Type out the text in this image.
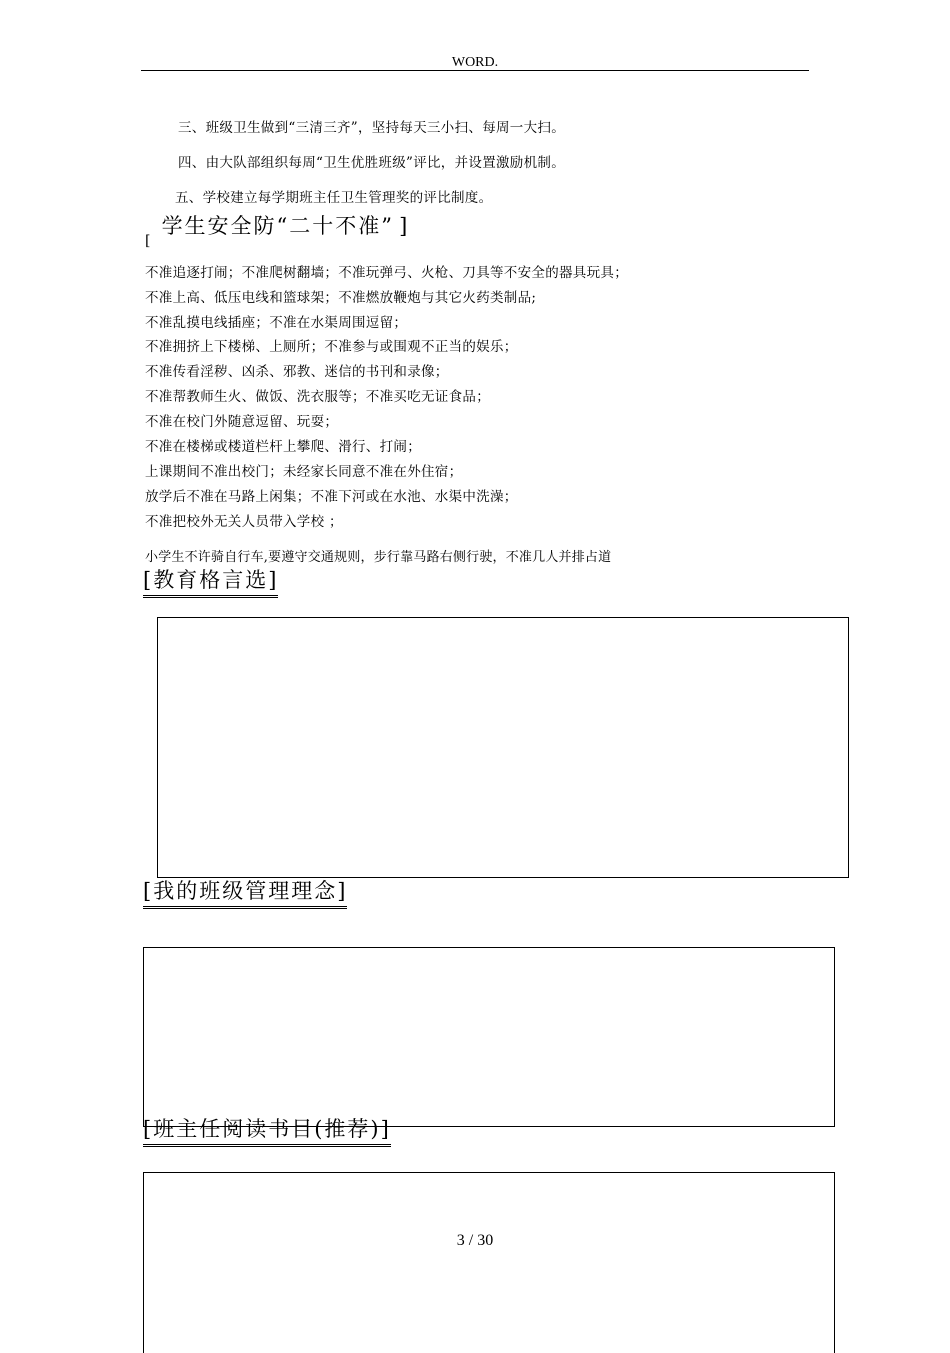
WORD.
三、班级卫生做到“三清三齐”，坚持每天三小扫、每周一大扫。
四、由大队部组织每周“卫生优胜班级”评比，并设置激励机制。
五、学校建立每学期班主任卫生管理奖的评比制度。
[ 学生安全防“二十不准” ]
不准追逐打闹；不准爬树翻墙；不准玩弹弓、火枪、刀具等不安全的器具玩具；
不准上高、低压电线和篮球架；不准燃放鞭炮与其它火药类制品;
不准乱摸电线插座；不准在水渠周围逗留；
不准拥挤上下楼梯、上厕所；不准参与或围观不正当的娱乐；
不准传看淫秽、凶杀、邪教、迷信的书刊和录像；
不准帮教师生火、做饭、洗衣服等；不准买吃无证食品；
不准在校门外随意逗留、玩耍；
不准在楼梯或楼道栏杆上攀爬、滑行、打闹；
上课期间不准出校门；未经家长同意不准在外住宿；
放学后不准在马路上闲集；不准下河或在水池、水渠中洗澡；
不准把校外无关人员带入学校 ；
小学生不许骑自行车,要遵守交通规则，步行靠马路右侧行驶，不准几人并排占道
[教育格言选]
[我的班级管理理念]
[班主任阅读书目(推荐)]
3 / 30
